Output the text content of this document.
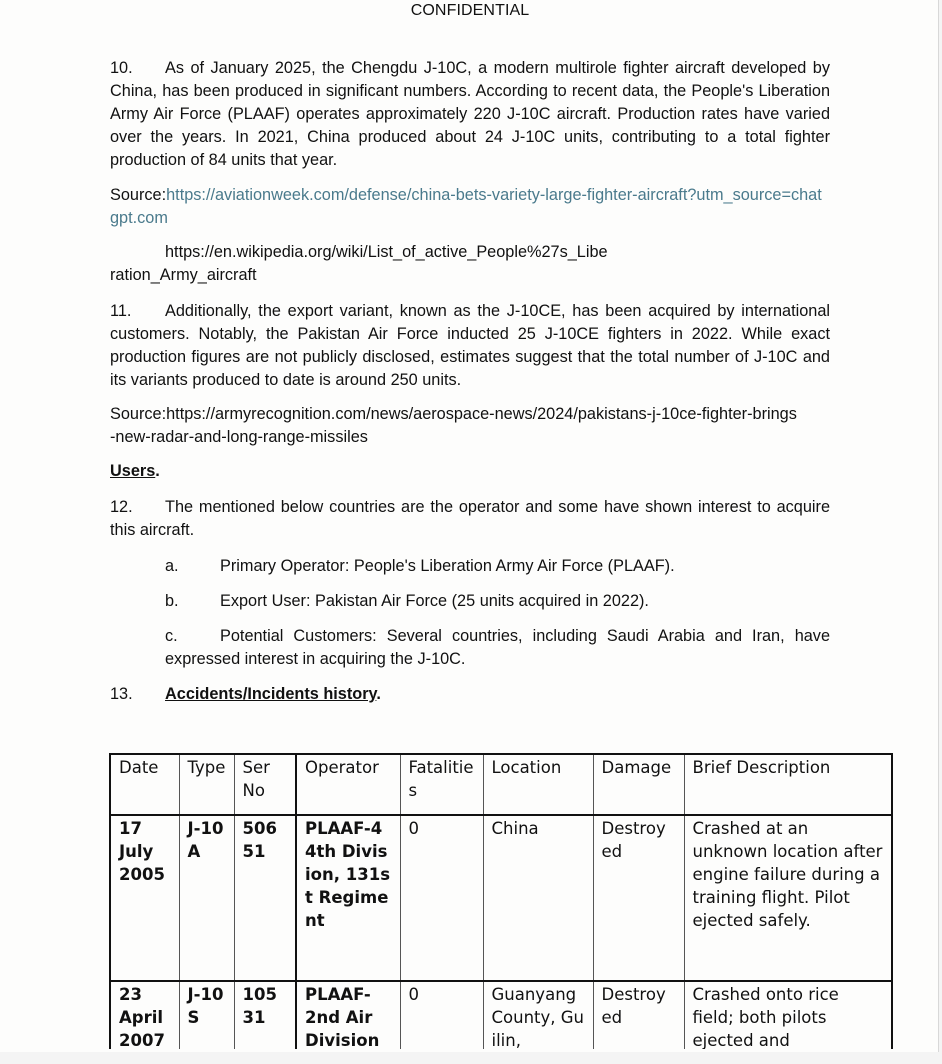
CONFIDENTIAL
10. As of January 2025, the Chengdu J-10C, a modern multirole fighter aircraft developed by China, has been produced in significant numbers. According to recent data, the People's Liberation Army Air Force (PLAAF) operates approximately 220 J-10C aircraft. Production rates have varied over the years. In 2021, China produced about 24 J-10C units, contributing to a total fighter production of 84 units that year.
Source:https://aviationweek.com/defense/china-bets-variety-large-fighter-aircraft?utm_source=chatgpt.com
https://en.wikipedia.org/wiki/List_of_active_People%27s_Liberation_Army_aircraft
11. Additionally, the export variant, known as the J-10CE, has been acquired by international customers. Notably, the Pakistan Air Force inducted 25 J-10CE fighters in 2022. While exact production figures are not publicly disclosed, estimates suggest that the total number of J-10C and its variants produced to date is around 250 units.
Source:https://armyrecognition.com/news/aerospace-news/2024/pakistans-j-10ce-fighter-brings-new-radar-and-long-range-missiles
Users.
12. The mentioned below countries are the operator and some have shown interest to acquire this aircraft.
a.	Primary Operator: People's Liberation Army Air Force (PLAAF).
b.	Export User: Pakistan Air Force (25 units acquired in 2022).
c.	Potential Customers: Several countries, including Saudi Arabia and Iran, have expressed interest in acquiring the J-10C.
13. Accidents/Incidents history.
Date	Type	Ser No	Operator	Fatalities	Location	Damage	Brief Description
17 July 2005	J-10A	50651	PLAAF-44th Division, 131st Regiment	0	China	Destroyed	Crashed at an unknown location after engine failure during a training flight. Pilot ejected safely.
23 April 2007	J-10S	10531	PLAAF-2nd Air Division	0	Guanyang County, Guilin,	Destroyed	Crashed onto rice field; both pilots ejected and
